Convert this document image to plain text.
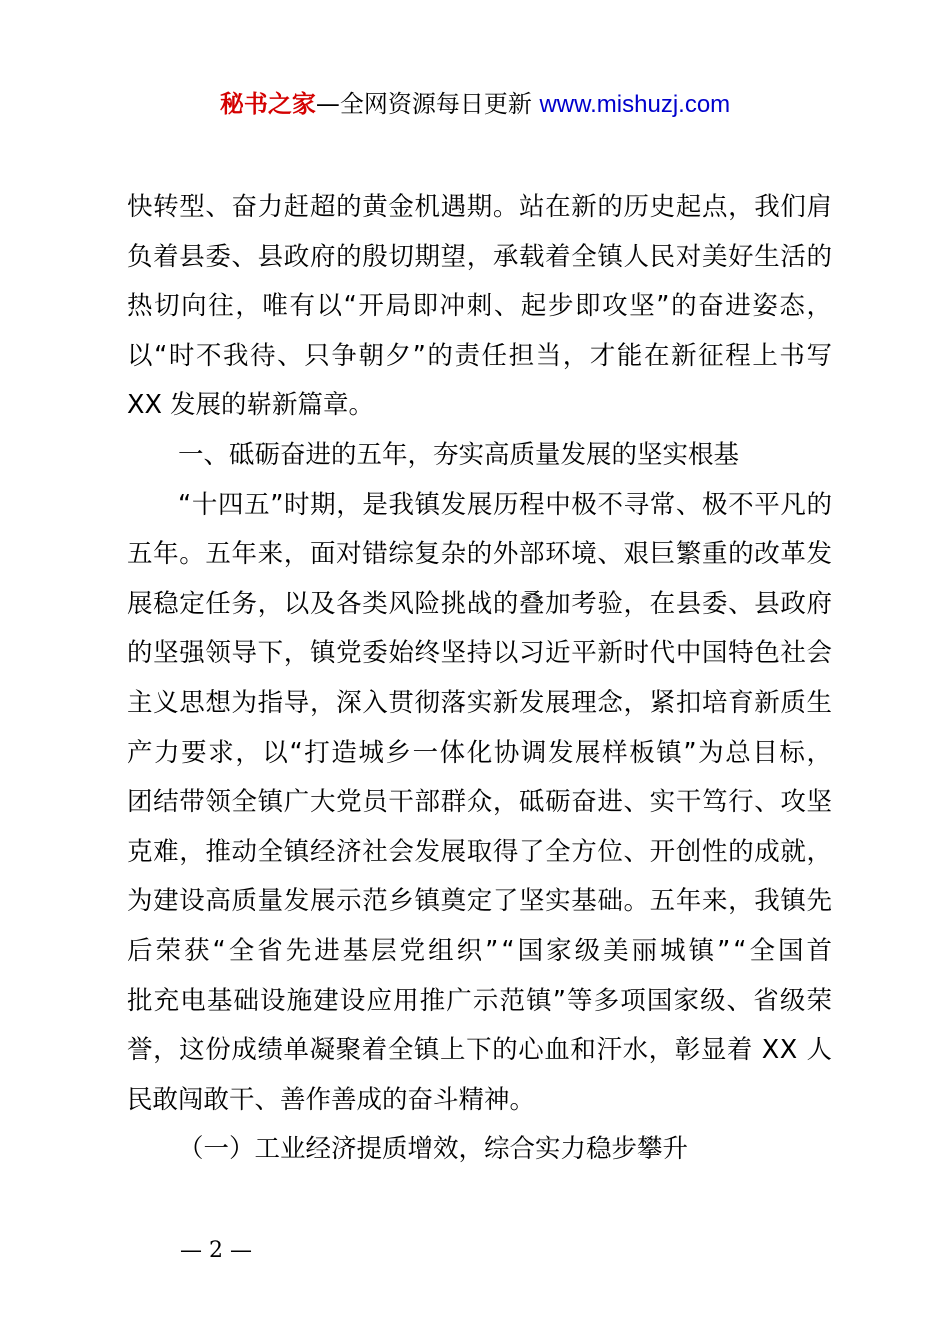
秘书之家—全网资源每日更新 www.mishuzj.com
快转型、奋力赶超的黄金机遇期。站在新的历史起点，我们肩
负着县委、县政府的殷切期望，承载着全镇人民对美好生活的
热切向往，唯有以“开局即冲刺、起步即攻坚”的奋进姿态，
以“时不我待、只争朝夕”的责任担当，才能在新征程上书写
XX 发展的崭新篇章。
一、砥砺奋进的五年，夯实高质量发展的坚实根基
“十四五”时期，是我镇发展历程中极不寻常、极不平凡的
五年。五年来，面对错综复杂的外部环境、艰巨繁重的改革发
展稳定任务，以及各类风险挑战的叠加考验，在县委、县政府
的坚强领导下，镇党委始终坚持以习近平新时代中国特色社会
主义思想为指导，深入贯彻落实新发展理念，紧扣培育新质生
产力要求，以“打造城乡一体化协调发展样板镇”为总目标，
团结带领全镇广大党员干部群众，砥砺奋进、实干笃行、攻坚
克难，推动全镇经济社会发展取得了全方位、开创性的成就，
为建设高质量发展示范乡镇奠定了坚实基础。五年来，我镇先
后荣获“全省先进基层党组织”“国家级美丽城镇”“全国首
批充电基础设施建设应用推广示范镇”等多项国家级、省级荣
誉，这份成绩单凝聚着全镇上下的心血和汗水，彰显着 XX 人
民敢闯敢干、善作善成的奋斗精神。
（一）工业经济提质增效，综合实力稳步攀升
— 2 —
